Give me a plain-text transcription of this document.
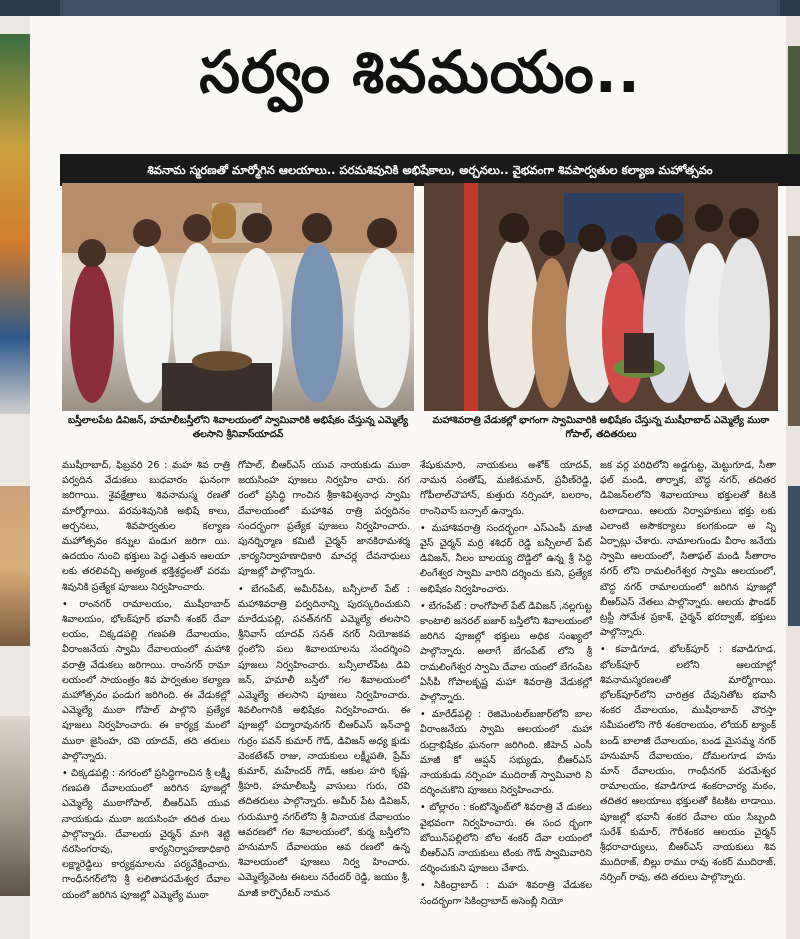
సర్వం శివమయం..
శివనామ స్మరణతో మార్మోగిన ఆలయాలు.. పరమశివునికి అభిషేకాలు, అర్చనలు.. వైభవంగా శివపార్వతుల కల్యాణ మహోత్సవం
బస్తీలాలపేట డివిజన్, హమాలీబస్తీలోని శివాలయంలో స్వామివారికి అభిషేకం చేస్తున్న ఎమ్మెల్యే తలసాని శ్రీనివాస్‌యాదవ్
మహాశివరాత్రి వేడుకల్లో భాగంగా స్వామివారికి అభిషేకం చేస్తున్న ముషీరాబాద్ ఎమ్మెల్యే ముఠా గోపాల్, తదితరులు

ముషీరాబాద్, ఫిబ్రవరి 26 : మహ శివ రాత్రి పర్వదిన వేడుకలు బుధవారం ఘనంగా జరిగాయి. శైవక్షేత్రాలు శివనామస్మ రణతో మార్మోగాయి. పరమశివునికి అభిషే కాలు, అర్చనలు, శివపార్వతుల కల్యాణ మహోత్సవం కన్నుల పండుగ జరిగా యి. ఉదయం నుంచి భక్తులు పెద్ద ఎత్తున ఆలయా లకు తరలివచ్చి అత్యంత భక్తిశ్రద్ధలతో పరమ శివునికి ప్రత్యేక పూజలు నిర్వహించారు.

• రాంనగర్ రామాలయం, ముషీరాబాద్ శివాలయం, భోలక్‌పూర్ భవానీ శంకర్ దేవా లయం, చిక్కడపల్లి గణపతి దేవాలయం, వీరాంజనేయ స్వామి దేవాలయంలో మహాశి వరాత్రి వేడుకలు జరిగాయి. రాంనగర్ రామా లయంలో సాయంత్రం శివ పార్వతుల కల్యాణ మహోత్సవం పండుగ జరిగింది. ఈ వేడుకల్లో ఎమ్మెల్యే ముఠా గోపాల్ పాల్గొని ప్రత్యేక పూజలు నిర్వహించారు. ఈ కార్యక్ర మంలో ముఠా జైసింహ, రవి యాదవ్, తది తరులు పాల్గొన్నారు.

• చిక్కడపల్లి : నగరంలో ప్రసిద్ధిగాంచిన శ్రీ లక్ష్మీ గణపతి దేవాలయంలో జరిగిన పూజల్లో ఎమ్మెల్యే ముఠాగోపాల్, బీఆర్ఎస్ యువ నాయకుడు ముఠా జయసింహ తదిత రులు పాల్గొన్నారు. దేవాలయ చైర్మన్ మాగి శెట్టి నరసింగరావు, కార్యనిర్వాహణాధికారి లక్ష్మారెడ్డిలు కార్యక్రమాలను పర్యవేక్షించారు. గాంధీనగర్‌లోని శ్రీ లలితాపరమేశ్వర దేవాల యంలో జరిగిన పూజల్లో ఎమ్మెల్యే ముఠా

గోపాల్, బీఆర్ఎస్ యువ నాయకుడు ముఠా జయసింహ పూజలు నిర్వహిం చారు. నగ రంలో ప్రసిద్ధి గాంచిన శ్రీకాశివిశ్వనాధ స్వామి దేవాలయంలో మహాశివ రాత్రి పర్వదినం సందర్భంగా ప్రత్యేక పూజలు నిర్వహించారు. పునర్నిర్మాణ కమిటీ చైర్మన్ జానకిరామశర్మ ,కార్యనిర్వాహణాధికారి మాచర్ల దేవనాధులు పూజల్లో పాల్గొన్నారు.

• బేగంపేట్, అమీర్‌పేట, బన్సీలాల్ పేట్ : మహాశివరాత్రి పర్వదినాన్ని పురస్కరించుకుని మారేడుపల్లి, సనత్‌నగర్ ఎమ్మెల్యే తలసాని శ్రీనివాస్ యాదవ్ సనత్ నగర్ నియోజకవ ర్గంలోని పలు శివాలయాలను సందర్శించి పూజలు నిర్వహించారు. బన్సీలాల్‌పేట డివి జన్, హమాలీ బస్తీలో గల శివాలయంలో ఎమ్మెల్యే తలసాని పూజలు నిర్వహించారు. శివలింగానికి అభిషేకం నిర్వహించారు. ఈ పూజల్లో పద్మారావునగర్ బీఆర్ఎస్ ఇన్‌చార్జి గుర్రం పవన్ కుమార్ గౌడ్, డివిజన్ అధ్య క్షుడు వెంకటేశన్ రాజు, నాయకులు లక్ష్మీపతి, ప్రేమ్ కుమార్, మహేందర్ గౌడ్, ఆకుల హరి కృష్ణ, శ్రీహరి, హమాలీబస్తీ వాసులు గురు, రవి తదితరులు పాల్గొన్నారు. అమీర్ పేట డివిజన్, గురుమూర్తి నగర్‌లోని శ్రీ వినాయక దేవాలయం ఆవరణలో గల శివాలయంలో, కుర్మ బస్తీలోని హనుమాన్ దేవాలయం ఆవ రణలో ఉన్న శివాలయంలో పూజలు నిర్వ హించారు. ఎమ్మెల్యేవెంట ఈటలు నరేందర్ రెడ్డి, జయం శ్రీ, మాజీ కార్పొరేటర్ నామన

శేషుకుమారి, నాయకులు అశోక్ యాదవ్, నామన సంతోష్, మణికుమార్, ప్రవీణ్‌రెడ్డి, గోపీలాల్‌చౌహాన్, కుత్తురు నర్సింహా, బలరాం, రాంనివాస్ బన్సాల్ ఉన్నారు.

• మహాశివరాత్రి సందర్భంగా ఎస్‌ఎంపీ మాజీ వైస్ చైర్మన్ మర్రి శశిధర్ రెడ్డి బన్సీలాల్ పేట్ డివిజన్, నీలం బాలయ్య దొడ్డిలో ఉన్న శ్రీ సిద్ధి లింగేశ్వర స్వామి వారిని దర్శించు కుని, ప్రత్యేక అభిషేకం నిర్వహించారు.

• బేగంపేట్ : రాంగోపాల్ పేట్ డివిజన్ ,నల్లగుట్ట కాంటాలి జనరల్ బజార్ బస్తీలోని శివాలయంలో జరిగిన పూజల్లో భక్తులు అధిక సంఖ్యలో పాల్గొన్నారు. అలాగే బేగంపేట్ లోని శ్రీ రామలింగేశ్వర స్వామి దేవాల యంలో బేగంపేట ఏసీపీ గోపాలకృష్ణ మహా శివరాత్రి వేడుకల్లో పాల్గొన్నారు.

• మారేడ్‌పల్లి : రెజిమెంటల్‌బజార్‌లోని బాల వీరాంజనేయ స్వామి ఆలయంలో మహా రుద్రాభిషేకం ఘనంగా జరిగింది. జీహెచ్ ఎంసీ మాజీ కో ఆప్షన్ సభ్యుడు, బీఆర్ఎస్ నాయకుడు నర్సింహ ముదిరాజ్ స్వామివారి ని దర్శించుకొని పూజలు నిర్వహించారు.

• బోల్లారం : కంటోన్మెంట్‌లో శివరాత్రి వే డుకలు వైభవంగా నిర్వహించారు. ఈ సంద ర్భంగా బోయిన్‌పల్లిలోని బోల శంకర్ దేవా లయంలో బీఆర్ఎస్ నాయకులు టింకు గౌడ్ స్వామివారిని దర్శించుకుని పూజలు చేశారు.

• సికింద్రాబాద్ : మహ శివరాత్రి వేడుకల సందర్భంగా సికింద్రాబాద్ అసెంబ్లీ నియో

జక వర్గ పరిధిలోని అడ్డగుట్ట, మెట్టుగూడ, సీతా ఫల్ మండి, తార్నాక, బౌద్ధ నగర్, తదితర డివిజన్‌లలోని శివాలయాలు భక్తులతో కిటకి టలాడాయి. ఆలయ నిర్వాహకులు భక్తు లకు ఎలాంటి అసౌకర్యాలు కలగకుండా అ న్ని ఏర్పాట్లు చేశారు. నామాలగుండు వీరాం జనేయ స్వామి ఆలయంలో, సితాఫల్ మండి సీతారాం నగర్ లోని రామలింగేశ్వర స్వామి ఆలయంలో, బౌద్ధ నగర్ రామాలయంలో జరిగిన పూజల్లో బీఆర్ఎస్ నేతలు పాల్గొన్నారు. ఆలయ ఫౌండర్ ట్రస్టీ సోమేశ ప్రకాశ్, చైర్మన్ భరద్వాజ్, భక్తులు పాల్గొన్నారు.

• కవాడిగూడ, భోలక్‌పూర్ : కవాడిగూడ, భోలక్‌పూర్ లలోని ఆలయాల్లో శివనామస్మరణలతో మార్మోగాయి. భోలక్‌పూర్‌లోని చారిత్రక దేవునితోట భవానీ శంకర దేవాలయం, ముషీరాబాద్ చౌరస్తా సమీపంలోని గౌరీ శంకరాలయం, లోయర్ ట్యాంక్ బండ్ బాలాజీ దేవాలయం, బండ మైసమ్మ నగర్ హనుమాన్ దేవాలయం, దోమలగూడ హను మాన్ దేవాలయం, గాంధీనగర్ పరమేశ్వర రామాలయం, కవాడిగూడ శంకరాచార్య మఠం, తదితర ఆలయాలు భక్తులతో కిటకిట లాడాయి. పూజల్లో భవానీ శంకర దేవాల యం సిబ్బంది సురేశ్ కుమార్, గౌరీశంకర ఆలయం చైర్మన్ శ్రీధరాచార్యులు, బీఆర్ఎస్ నాయకులు శివ ముదిరాజ్, బిల్లు రాము రావు శంకర్ ముదిరాజ్, నర్సింగ్ రావు, తది తరులు పాల్గొన్నారు.
